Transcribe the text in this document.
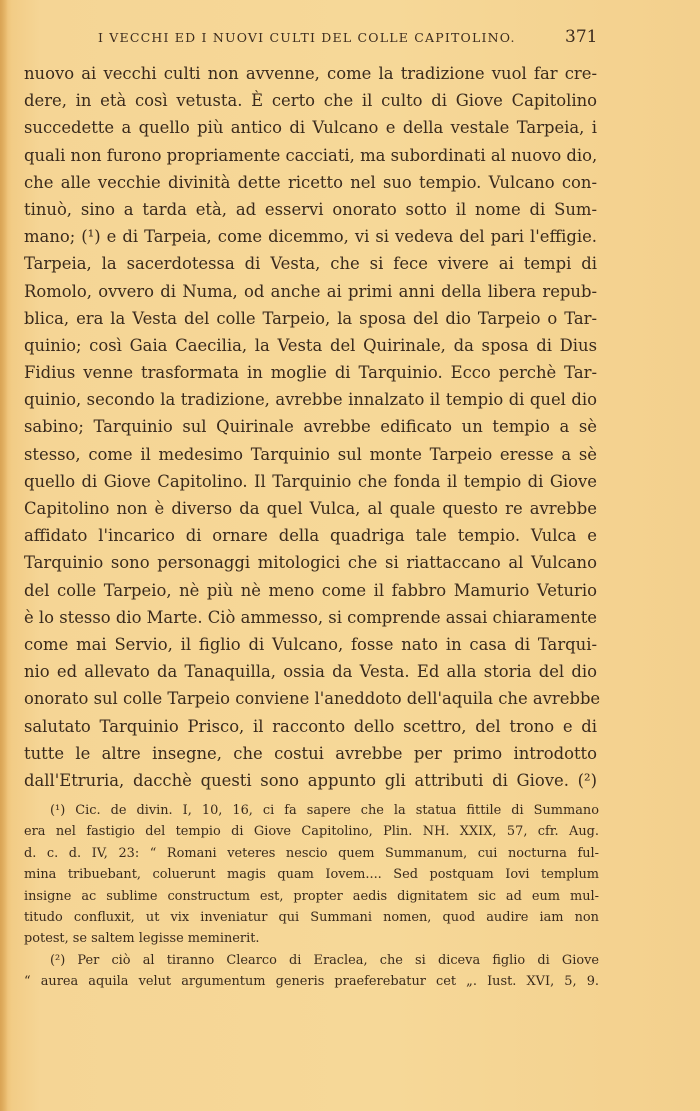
I VECCHI ED I NUOVI CULTI DEL COLLE CAPITOLINO.	371
nuovo ai vecchi culti non avvenne, come la tradizione vuol far cre-
dere, in età così vetusta. È certo che il culto di Giove Capitolino
succedette a quello più antico di Vulcano e della vestale Tarpeia, i
quali non furono propriamente cacciati, ma subordinati al nuovo dio,
che alle vecchie divinità dette ricetto nel suo tempio. Vulcano con-
tinuò, sino a tarda età, ad esservi onorato sotto il nome di Sum-
mano; (¹) e di Tarpeia, come dicemmo, vi si vedeva del pari l'effigie.
Tarpeia, la sacerdotessa di Vesta, che si fece vivere ai tempi di
Romolo, ovvero di Numa, od anche ai primi anni della libera repub-
blica, era la Vesta del colle Tarpeio, la sposa del dio Tarpeio o Tar-
quinio; così Gaia Caecilia, la Vesta del Quirinale, da sposa di Dius
Fidius venne trasformata in moglie di Tarquinio. Ecco perchè Tar-
quinio, secondo la tradizione, avrebbe innalzato il tempio di quel dio
sabino; Tarquinio sul Quirinale avrebbe edificato un tempio a sè
stesso, come il medesimo Tarquinio sul monte Tarpeio eresse a sè
quello di Giove Capitolino. Il Tarquinio che fonda il tempio di Giove
Capitolino non è diverso da quel Vulca, al quale questo re avrebbe
affidato l'incarico di ornare della quadriga tale tempio. Vulca e
Tarquinio sono personaggi mitologici che si riattaccano al Vulcano
del colle Tarpeio, nè più nè meno come il fabbro Mamurio Veturio
è lo stesso dio Marte. Ciò ammesso, si comprende assai chiaramente
come mai Servio, il figlio di Vulcano, fosse nato in casa di Tarqui-
nio ed allevato da Tanaquilla, ossia da Vesta. Ed alla storia del dio
onorato sul colle Tarpeio conviene l'aneddoto dell'aquila che avrebbe
salutato Tarquinio Prisco, il racconto dello scettro, del trono e di
tutte le altre insegne, che costui avrebbe per primo introdotto
dall'Etruria, dacchè questi sono appunto gli attributi di Giove. (²)
(¹) Cic. de divin. I, 10, 16, ci fa sapere che la statua fittile di Summano
era nel fastigio del tempio di Giove Capitolino, Plin. NH. XXIX, 57, cfr. Aug.
d. c. d. IV, 23: “ Romani veteres nescio quem Summanum, cui nocturna ful-
mina tribuebant, coluerunt magis quam Iovem.... Sed postquam Iovi templum
insigne ac sublime constructum est, propter aedis dignitatem sic ad eum mul-
titudo confluxit, ut vix inveniatur qui Summani nomen, quod audire iam non
potest, se saltem legisse meminerit.
(²) Per ciò al tiranno Clearco di Eraclea, che si diceva figlio di Giove
“ aurea aquila velut argumentum generis praeferebatur cet „. Iust. XVI, 5, 9.
